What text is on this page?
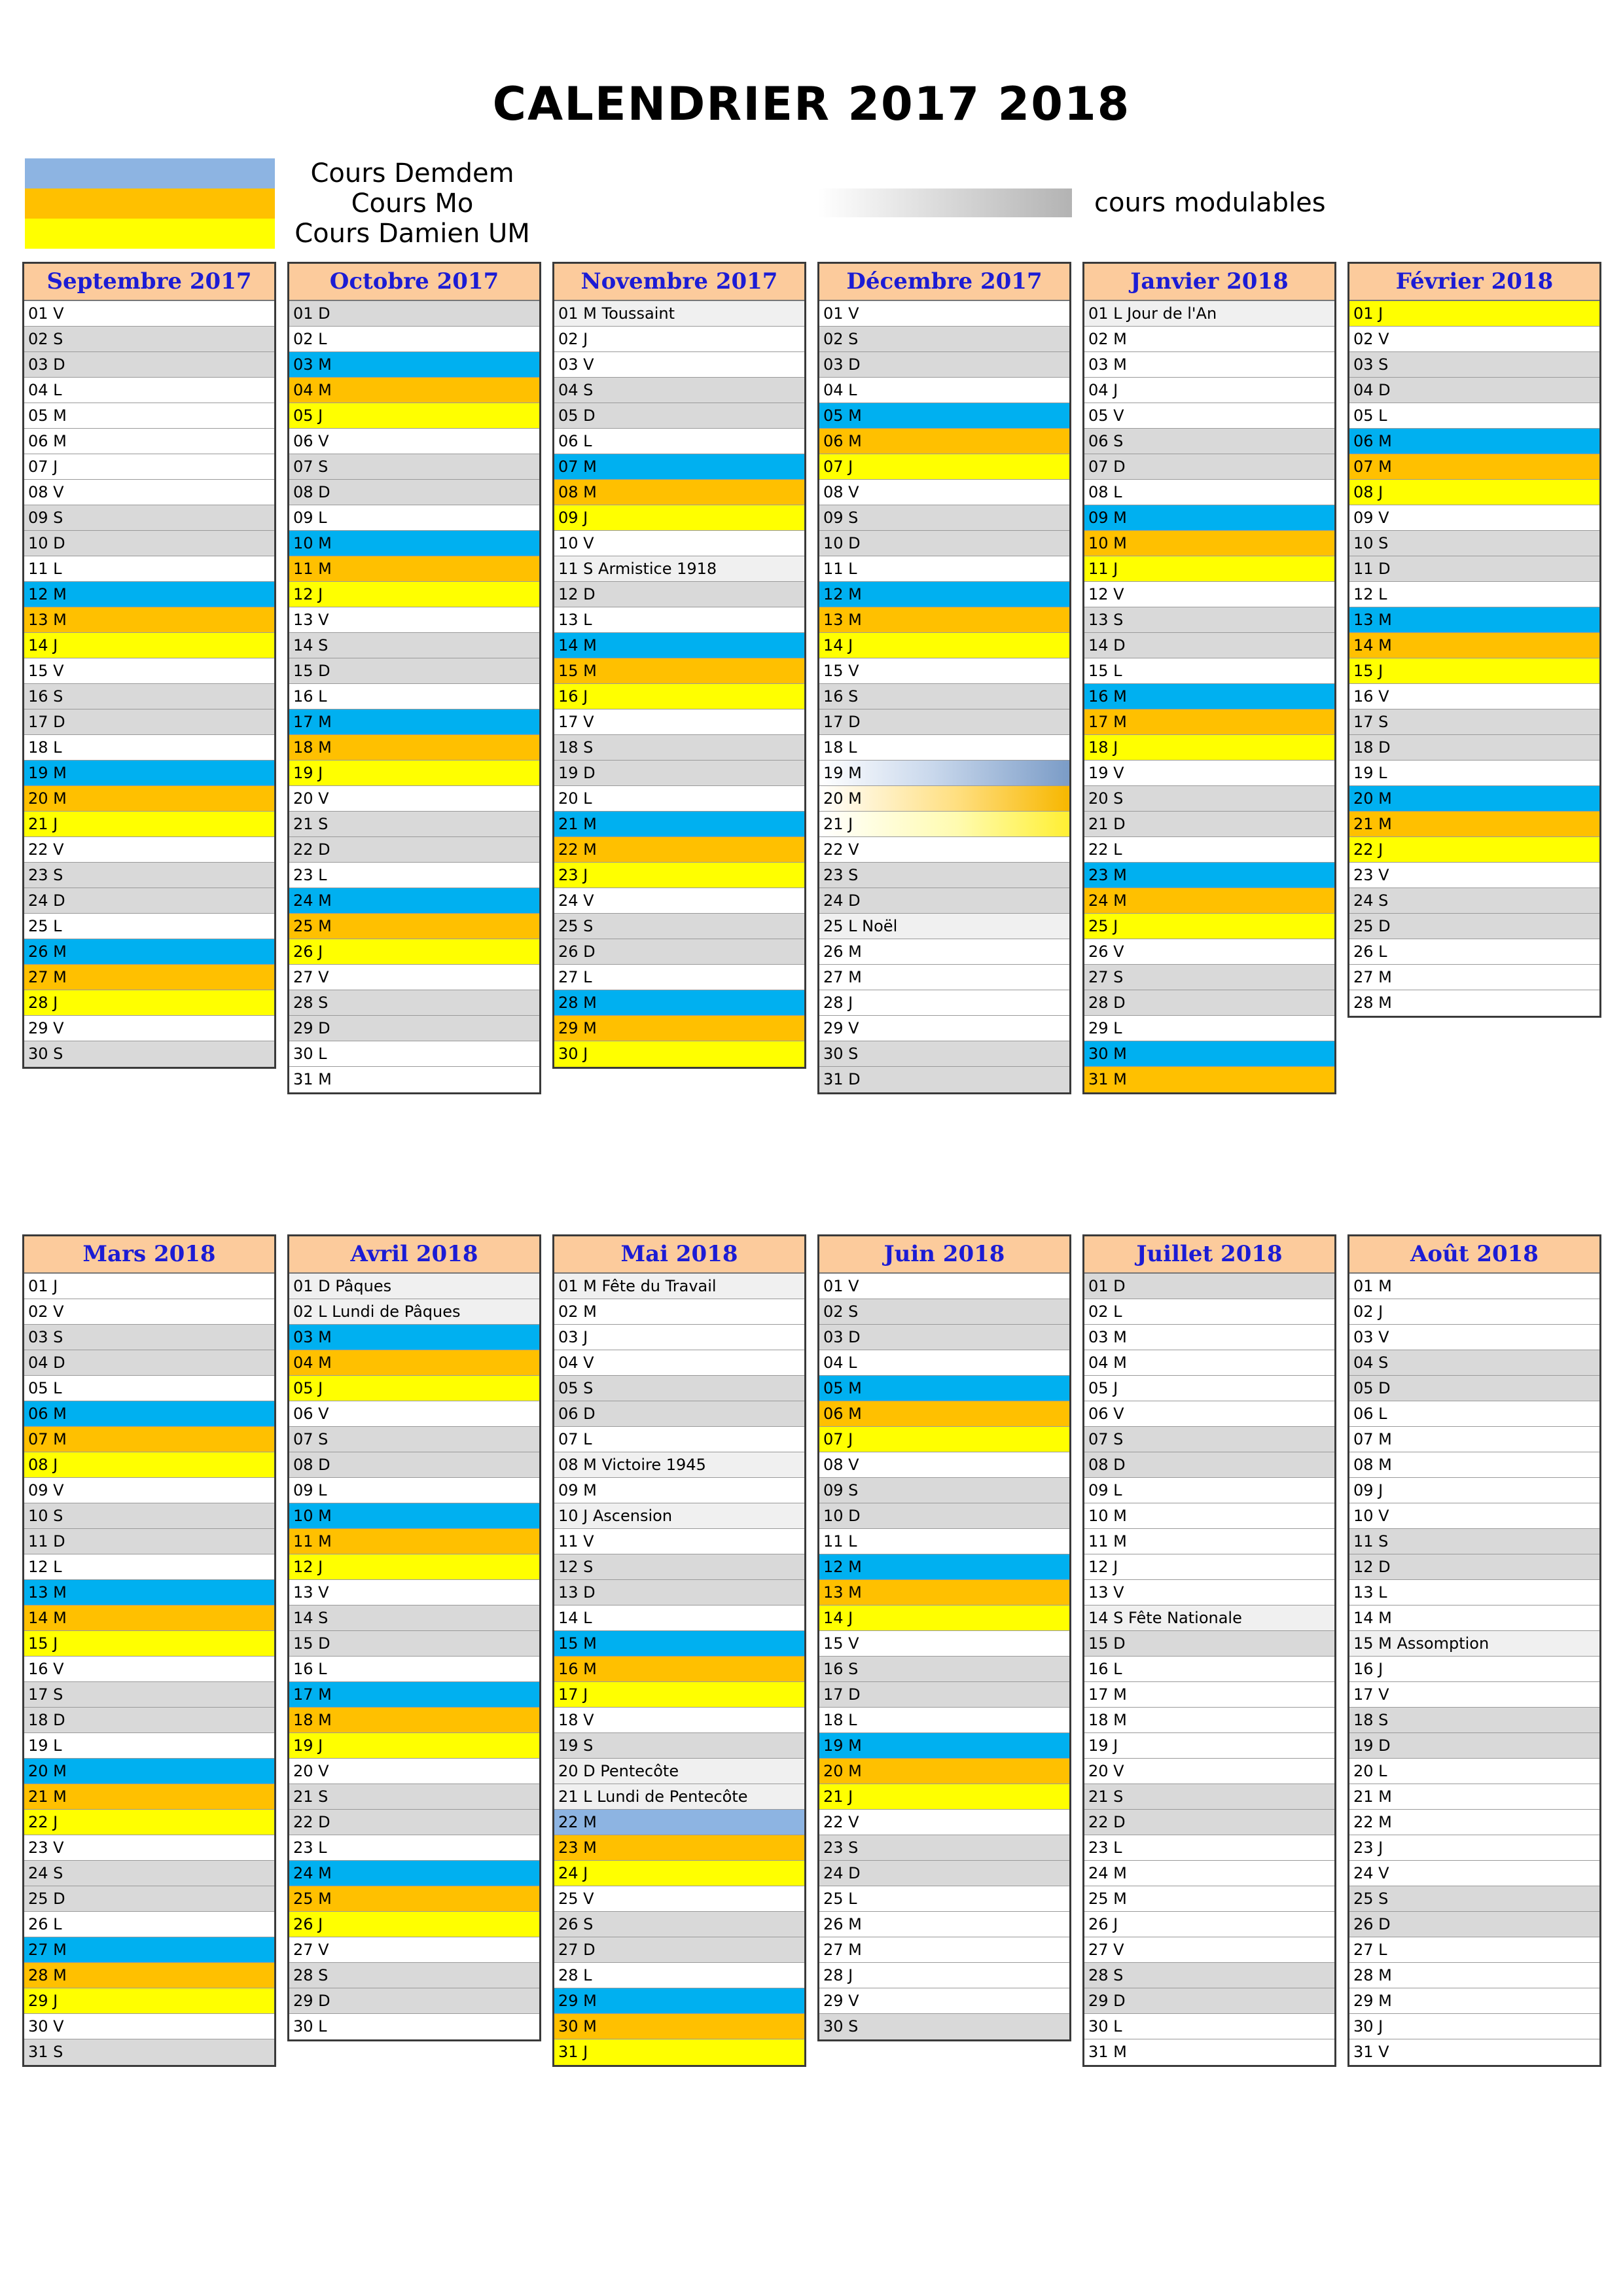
CALENDRIER 2017 2018
Cours Demdem
Cours Mo
Cours Damien UM
cours modulables
Septembre 2017
01 V
02 S
03 D
04 L
05 M
06 M
07 J
08 V
09 S
10 D
11 L
12 M
13 M
14 J
15 V
16 S
17 D
18 L
19 M
20 M
21 J
22 V
23 S
24 D
25 L
26 M
27 M
28 J
29 V
30 S
Octobre 2017
01 D
02 L
03 M
04 M
05 J
06 V
07 S
08 D
09 L
10 M
11 M
12 J
13 V
14 S
15 D
16 L
17 M
18 M
19 J
20 V
21 S
22 D
23 L
24 M
25 M
26 J
27 V
28 S
29 D
30 L
31 M
Novembre 2017
01 M Toussaint
02 J
03 V
04 S
05 D
06 L
07 M
08 M
09 J
10 V
11 S Armistice 1918
12 D
13 L
14 M
15 M
16 J
17 V
18 S
19 D
20 L
21 M
22 M
23 J
24 V
25 S
26 D
27 L
28 M
29 M
30 J
Décembre 2017
01 V
02 S
03 D
04 L
05 M
06 M
07 J
08 V
09 S
10 D
11 L
12 M
13 M
14 J
15 V
16 S
17 D
18 L
19 M
20 M
21 J
22 V
23 S
24 D
25 L Noël
26 M
27 M
28 J
29 V
30 S
31 D
Janvier 2018
01 L Jour de l'An
02 M
03 M
04 J
05 V
06 S
07 D
08 L
09 M
10 M
11 J
12 V
13 S
14 D
15 L
16 M
17 M
18 J
19 V
20 S
21 D
22 L
23 M
24 M
25 J
26 V
27 S
28 D
29 L
30 M
31 M
Février 2018
01 J
02 V
03 S
04 D
05 L
06 M
07 M
08 J
09 V
10 S
11 D
12 L
13 M
14 M
15 J
16 V
17 S
18 D
19 L
20 M
21 M
22 J
23 V
24 S
25 D
26 L
27 M
28 M
Mars 2018
01 J
02 V
03 S
04 D
05 L
06 M
07 M
08 J
09 V
10 S
11 D
12 L
13 M
14 M
15 J
16 V
17 S
18 D
19 L
20 M
21 M
22 J
23 V
24 S
25 D
26 L
27 M
28 M
29 J
30 V
31 S
Avril 2018
01 D Pâques
02 L Lundi de Pâques
03 M
04 M
05 J
06 V
07 S
08 D
09 L
10 M
11 M
12 J
13 V
14 S
15 D
16 L
17 M
18 M
19 J
20 V
21 S
22 D
23 L
24 M
25 M
26 J
27 V
28 S
29 D
30 L
Mai 2018
01 M Fête du Travail
02 M
03 J
04 V
05 S
06 D
07 L
08 M Victoire 1945
09 M
10 J Ascension
11 V
12 S
13 D
14 L
15 M
16 M
17 J
18 V
19 S
20 D Pentecôte
21 L Lundi de Pentecôte
22 M
23 M
24 J
25 V
26 S
27 D
28 L
29 M
30 M
31 J
Juin 2018
01 V
02 S
03 D
04 L
05 M
06 M
07 J
08 V
09 S
10 D
11 L
12 M
13 M
14 J
15 V
16 S
17 D
18 L
19 M
20 M
21 J
22 V
23 S
24 D
25 L
26 M
27 M
28 J
29 V
30 S
Juillet 2018
01 D
02 L
03 M
04 M
05 J
06 V
07 S
08 D
09 L
10 M
11 M
12 J
13 V
14 S Fête Nationale
15 D
16 L
17 M
18 M
19 J
20 V
21 S
22 D
23 L
24 M
25 M
26 J
27 V
28 S
29 D
30 L
31 M
Août 2018
01 M
02 J
03 V
04 S
05 D
06 L
07 M
08 M
09 J
10 V
11 S
12 D
13 L
14 M
15 M Assomption
16 J
17 V
18 S
19 D
20 L
21 M
22 M
23 J
24 V
25 S
26 D
27 L
28 M
29 M
30 J
31 V
